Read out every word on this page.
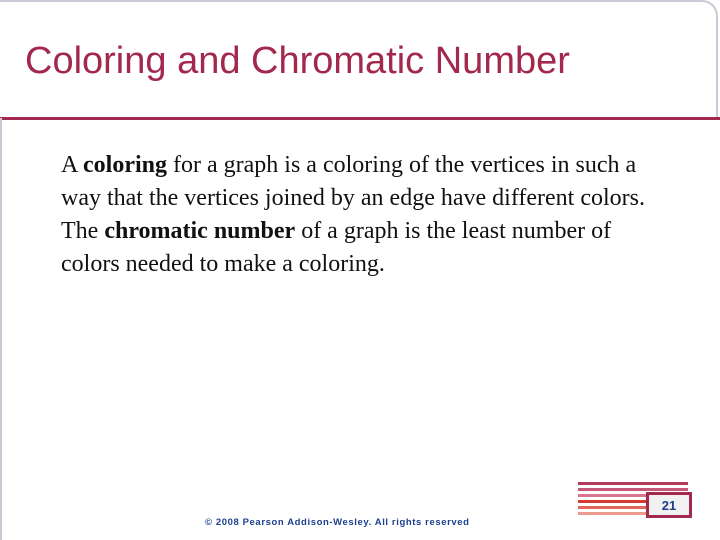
Coloring and Chromatic Number

A coloring for a graph is a coloring of the vertices in such a way that the vertices joined by an edge have different colors. The chromatic number of a graph is the least number of colors needed to make a coloring.

21
© 2008 Pearson Addison-Wesley. All rights reserved
